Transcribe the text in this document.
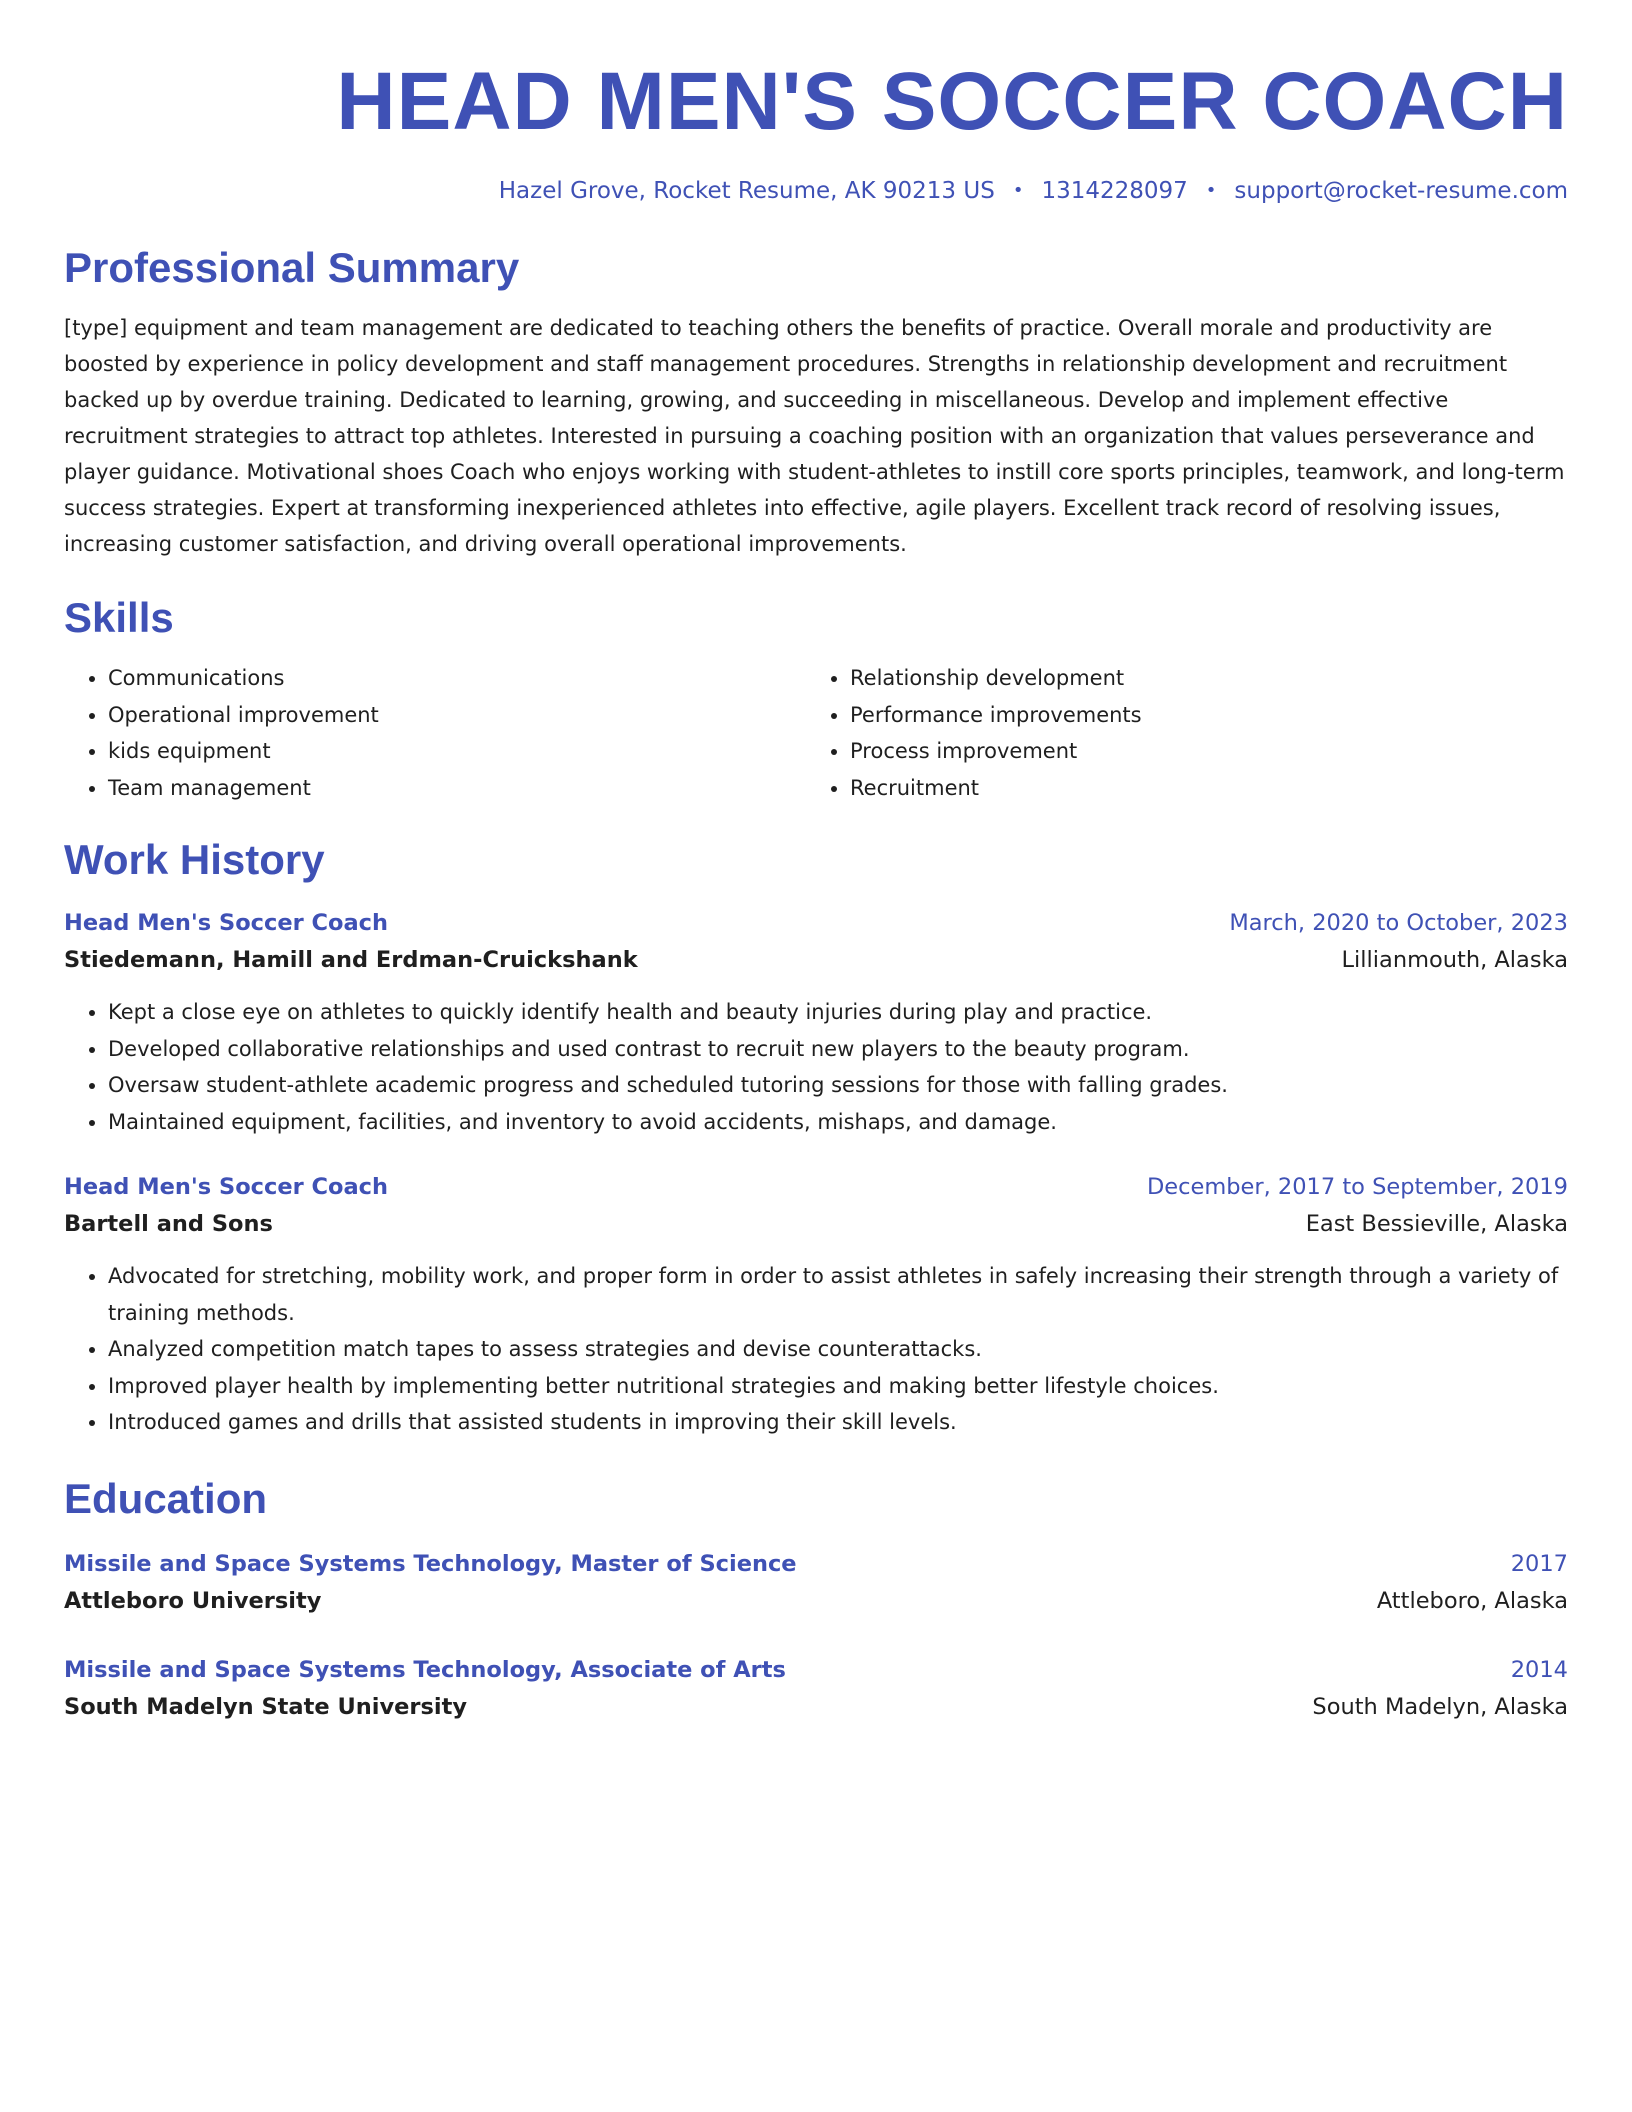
HEAD MEN'S SOCCER COACH
Hazel Grove, Rocket Resume, AK 90213 US • 1314228097 • support@rocket-resume.com
Professional Summary
[type] equipment and team management are dedicated to teaching others the benefits of practice. Overall morale and productivity are boosted by experience in policy development and staff management procedures. Strengths in relationship development and recruitment backed up by overdue training. Dedicated to learning, growing, and succeeding in miscellaneous. Develop and implement effective recruitment strategies to attract top athletes. Interested in pursuing a coaching position with an organization that values perseverance and player guidance. Motivational shoes Coach who enjoys working with student-athletes to instill core sports principles, teamwork, and long-term success strategies. Expert at transforming inexperienced athletes into effective, agile players. Excellent track record of resolving issues, increasing customer satisfaction, and driving overall operational improvements.
Skills
• Communications
• Operational improvement
• kids equipment
• Team management
• Relationship development
• Performance improvements
• Process improvement
• Recruitment
Work History
Head Men's Soccer Coach	March, 2020 to October, 2023
Stiedemann, Hamill and Erdman-Cruickshank	Lillianmouth, Alaska
• Kept a close eye on athletes to quickly identify health and beauty injuries during play and practice.
• Developed collaborative relationships and used contrast to recruit new players to the beauty program.
• Oversaw student-athlete academic progress and scheduled tutoring sessions for those with falling grades.
• Maintained equipment, facilities, and inventory to avoid accidents, mishaps, and damage.
Head Men's Soccer Coach	December, 2017 to September, 2019
Bartell and Sons	East Bessieville, Alaska
• Advocated for stretching, mobility work, and proper form in order to assist athletes in safely increasing their strength through a variety of training methods.
• Analyzed competition match tapes to assess strategies and devise counterattacks.
• Improved player health by implementing better nutritional strategies and making better lifestyle choices.
• Introduced games and drills that assisted students in improving their skill levels.
Education
Missile and Space Systems Technology, Master of Science	2017
Attleboro University	Attleboro, Alaska
Missile and Space Systems Technology, Associate of Arts	2014
South Madelyn State University	South Madelyn, Alaska
